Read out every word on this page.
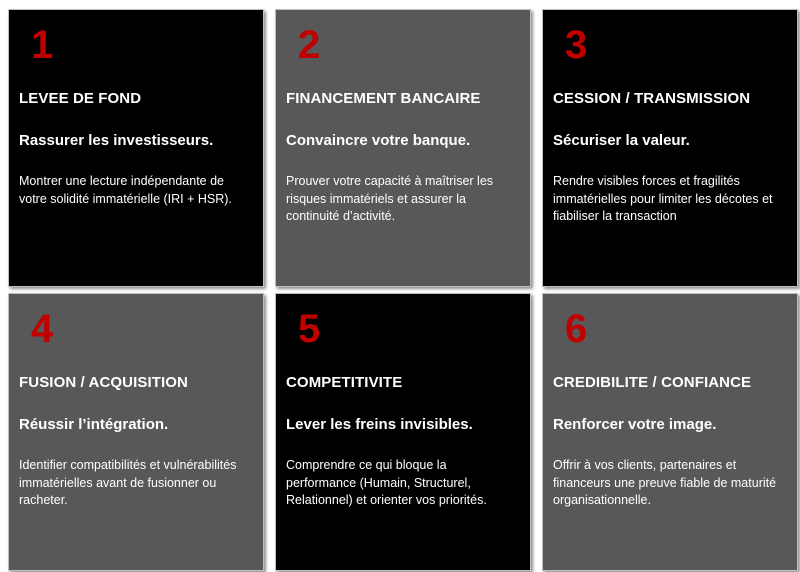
1
LEVEE DE FOND
Rassurer les investisseurs.
Montrer une lecture indépendante de votre solidité immatérielle (IRI + HSR).
2
FINANCEMENT BANCAIRE
Convaincre votre banque.
Prouver votre capacité à maîtriser les risques immatériels et assurer la continuité d’activité.
3
CESSION / TRANSMISSION
Sécuriser la valeur.
Rendre visibles forces et fragilités immatérielles pour limiter les décotes et fiabiliser la transaction
4
FUSION / ACQUISITION
Réussir l’intégration.
Identifier compatibilités et vulnérabilités immatérielles avant de fusionner ou racheter.
5
COMPETITIVITE
Lever les freins invisibles.
Comprendre ce qui bloque la performance (Humain, Structurel, Relationnel) et orienter vos priorités.
6
CREDIBILITE / CONFIANCE
Renforcer votre image.
Offrir à vos clients, partenaires et financeurs une preuve fiable de maturité organisationnelle.
